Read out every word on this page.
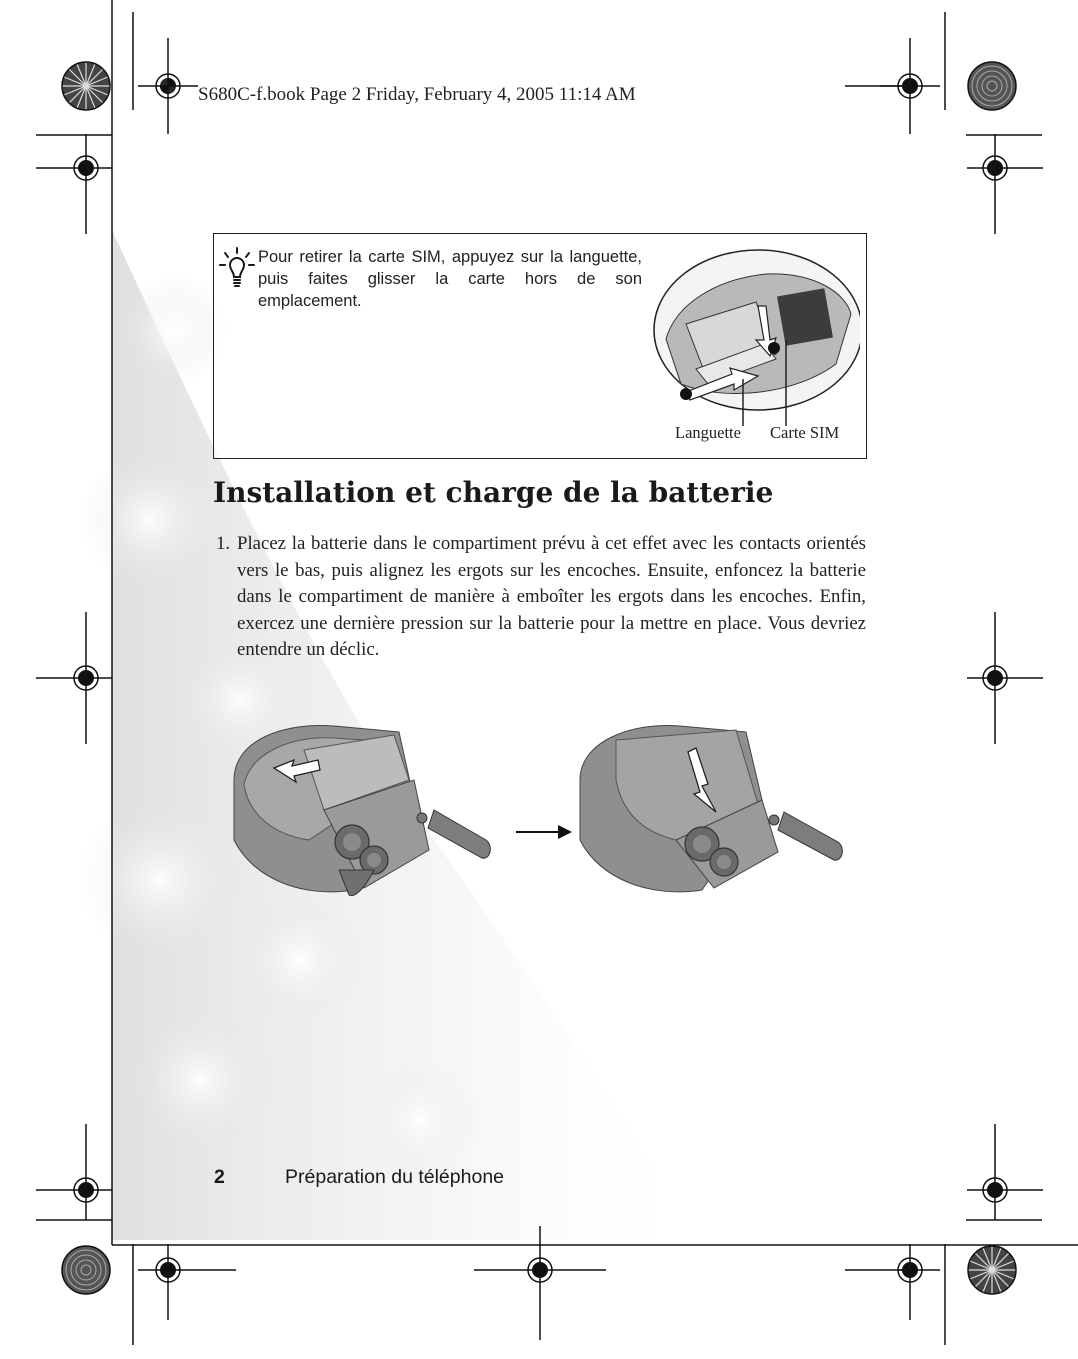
S680C-f.book Page 2 Friday, February 4, 2005 11:14 AM
Pour retirer la carte SIM, appuyez sur la languette, puis faites glisser la carte hors de son emplacement.
Languette Carte SIM
Installation et charge de la batterie
1. Placez la batterie dans le compartiment prévu à cet effet avec les contacts orientés vers le bas, puis alignez les ergots sur les encoches. Ensuite, enfoncez la batterie dans le compartiment de manière à emboîter les ergots dans les encoches. Enfin, exercez une dernière pression sur la batterie pour la mettre en place. Vous devriez entendre un déclic.
2	Préparation du téléphone
